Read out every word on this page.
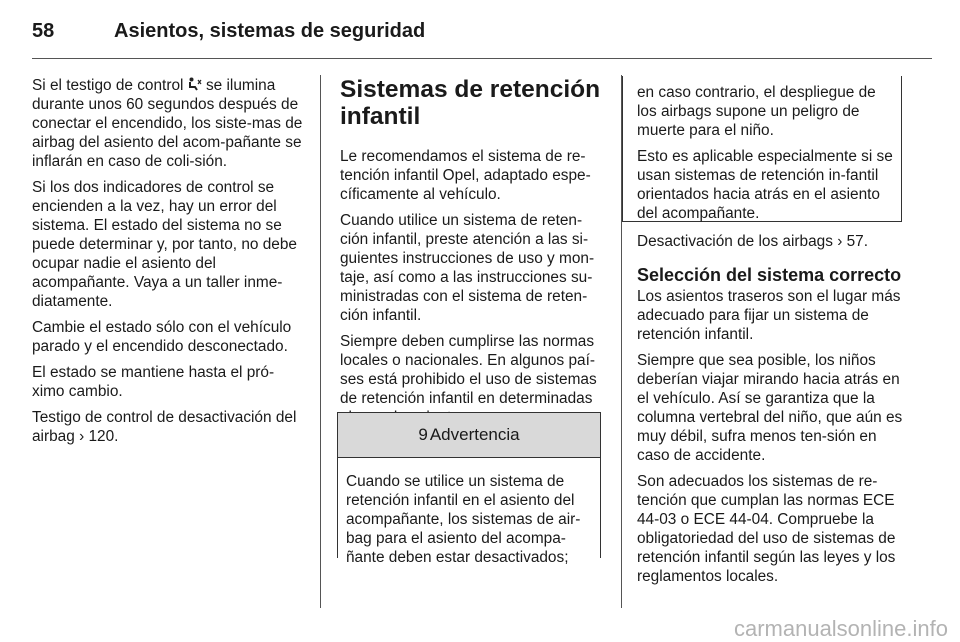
58	Asientos, sistemas de seguridad

Si el testigo de control  se ilumina durante unos 60 segundos después de conectar el encendido, los siste-mas de airbag del asiento del acom-pañante se inflarán en caso de coli-sión.

Si los dos indicadores de control se encienden a la vez, hay un error del sistema. El estado del sistema no se puede determinar y, por tanto, no debe ocupar nadie el asiento del acompañante. Vaya a un taller inme-diatamente.

Cambie el estado sólo con el vehículo parado y el encendido desconectado.

El estado se mantiene hasta el pró-ximo cambio.

Testigo de control de desactivación del airbag › 120.

Sistemas de retención infantil

Le recomendamos el sistema de re-tención infantil Opel, adaptado espe-cíficamente al vehículo.

Cuando utilice un sistema de reten-ción infantil, preste atención a las si-guientes instrucciones de uso y mon-taje, así como a las instrucciones su-ministradas con el sistema de reten-ción infantil.

Siempre deben cumplirse las normas locales o nacionales. En algunos paí-ses está prohibido el uso de sistemas de retención infantil en determinadas

9 Advertencia
Cuando se utilice un sistema de retención infantil en el asiento del acompañante, los sistemas de air-bag para el asiento del acompa-ñante deben estar desactivados;

en caso contrario, el despliegue de los airbags supone un peligro de muerte para el niño.

Esto es aplicable especialmente si se usan sistemas de retención in-fantil orientados hacia atrás en el asiento del acompañante.

Desactivación de los airbags › 57.

Selección del sistema correcto

Los asientos traseros son el lugar más adecuado para fijar un sistema de retención infantil.

Siempre que sea posible, los niños deberían viajar mirando hacia atrás en el vehículo. Así se garantiza que la columna vertebral del niño, que aún es muy débil, sufra menos ten-sión en caso de accidente.

Son adecuados los sistemas de re-tención que cumplan las normas ECE 44-03 o ECE 44-04. Compruebe la obligatoriedad del uso de sistemas de retención infantil según las leyes y los reglamentos locales.

carmanualsonline.info
